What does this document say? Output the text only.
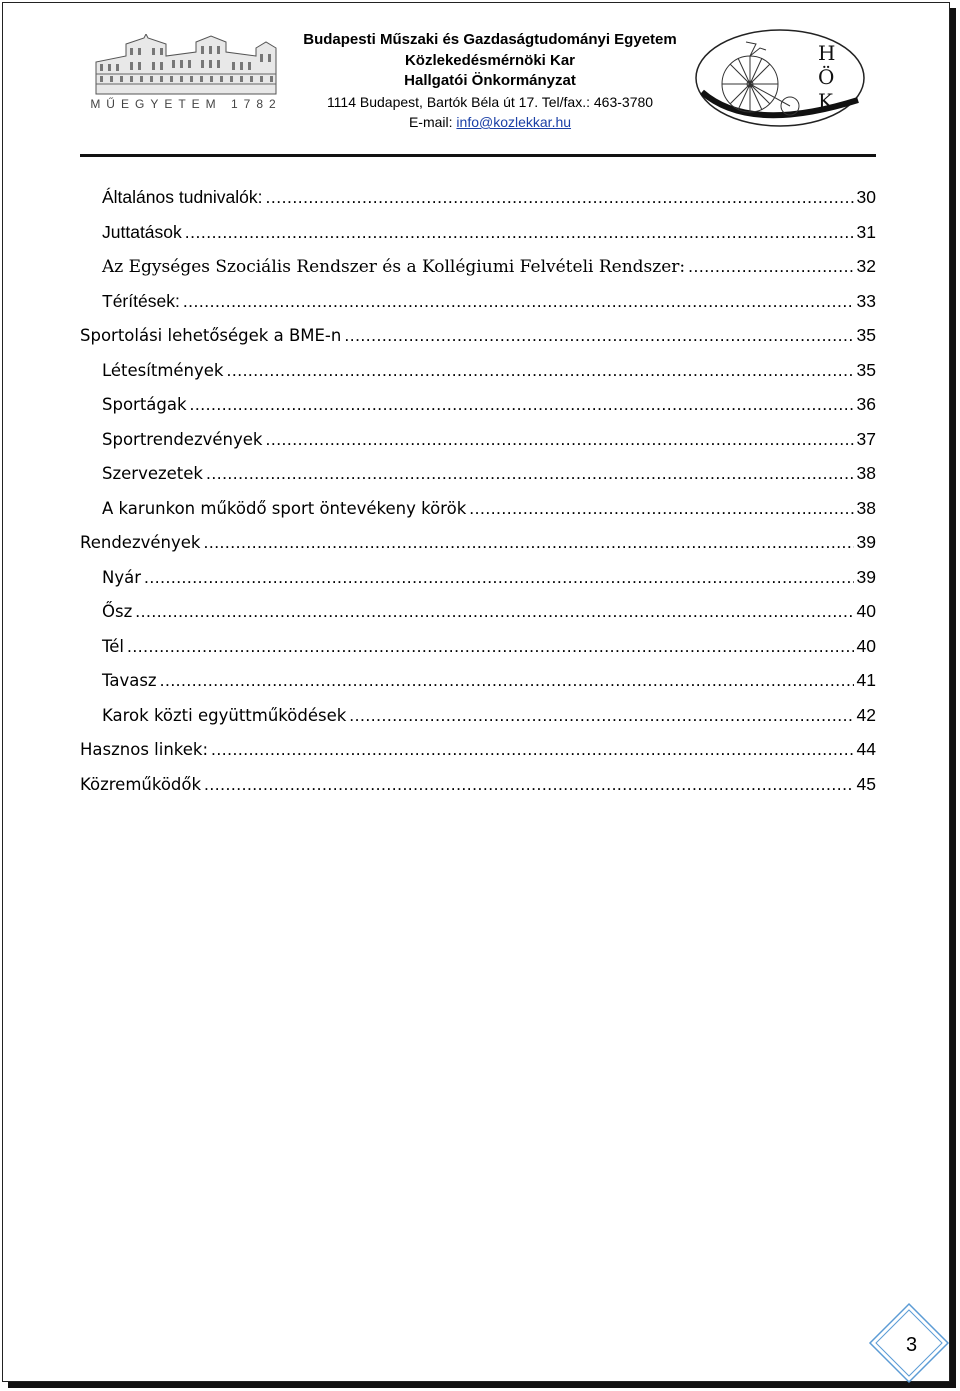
MŰEGYETEM 1782
Budapesti Műszaki és Gazdaságtudományi Egyetem
Közlekedésmérnöki Kar
Hallgatói Önkormányzat
1114 Budapest, Bartók Béla út 17. Tel/fax.: 463-3780
E-mail: info@kozlekkar.hu
H
Ö
K
Általános tudnivalók: .....	30
Juttatások .....	31
Az Egységes Szociális Rendszer és a Kollégiumi Felvételi Rendszer: .....	32
Térítések: .....	33
Sportolási lehetőségek a BME-n .....	35
Létesítmények .....	35
Sportágak .....	36
Sportrendezvények .....	37
Szervezetek .....	38
A karunkon működő sport öntevékeny körök .....	38
Rendezvények .....	39
Nyár .....	39
Ősz .....	40
Tél .....	40
Tavasz .....	41
Karok közti együttműködések .....	42
Hasznos linkek: .....	44
Közreműködők .....	45
3
